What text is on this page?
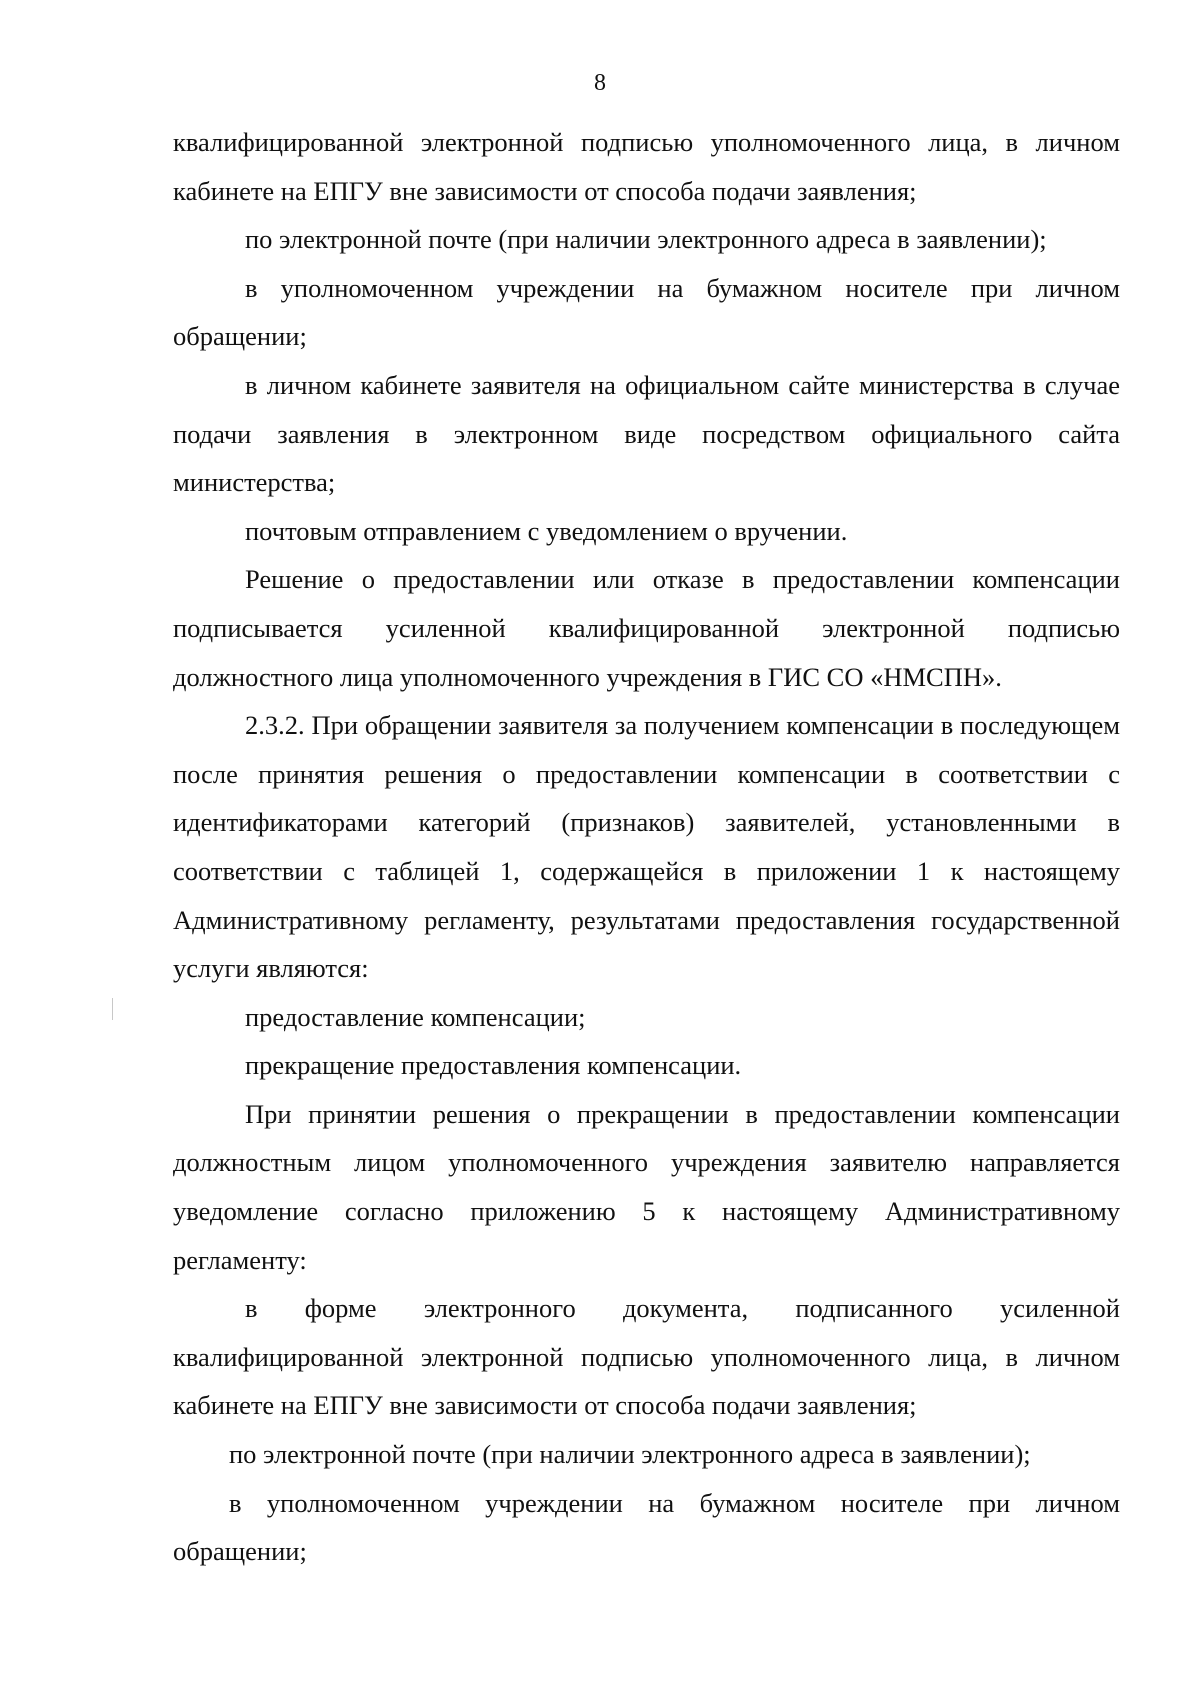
8

квалифицированной электронной подписью уполномоченного лица, в личном кабинете на ЕПГУ вне зависимости от способа подачи заявления;

по электронной почте (при наличии электронного адреса в заявлении);

в уполномоченном учреждении на бумажном носителе при личном обращении;

в личном кабинете заявителя на официальном сайте министерства в случае подачи заявления в электронном виде посредством официального сайта министерства;

почтовым отправлением с уведомлением о вручении.

Решение о предоставлении или отказе в предоставлении компенсации подписывается усиленной квалифицированной электронной подписью должностного лица уполномоченного учреждения в ГИС СО «НМСПН».

2.3.2. При обращении заявителя за получением компенсации в последующем после принятия решения о предоставлении компенсации в соответствии с идентификаторами категорий (признаков) заявителей, установленными в соответствии с таблицей 1, содержащейся в приложении 1 к настоящему Административному регламенту, результатами предоставления государственной услуги являются:

предоставление компенсации;

прекращение предоставления компенсации.

При принятии решения о прекращении в предоставлении компенсации должностным лицом уполномоченного учреждения заявителю направляется уведомление согласно приложению 5 к настоящему Административному регламенту:

в форме электронного документа, подписанного усиленной квалифицированной электронной подписью уполномоченного лица, в личном кабинете на ЕПГУ вне зависимости от способа подачи заявления;

по электронной почте (при наличии электронного адреса в заявлении);

в уполномоченном учреждении на бумажном носителе при личном обращении;
